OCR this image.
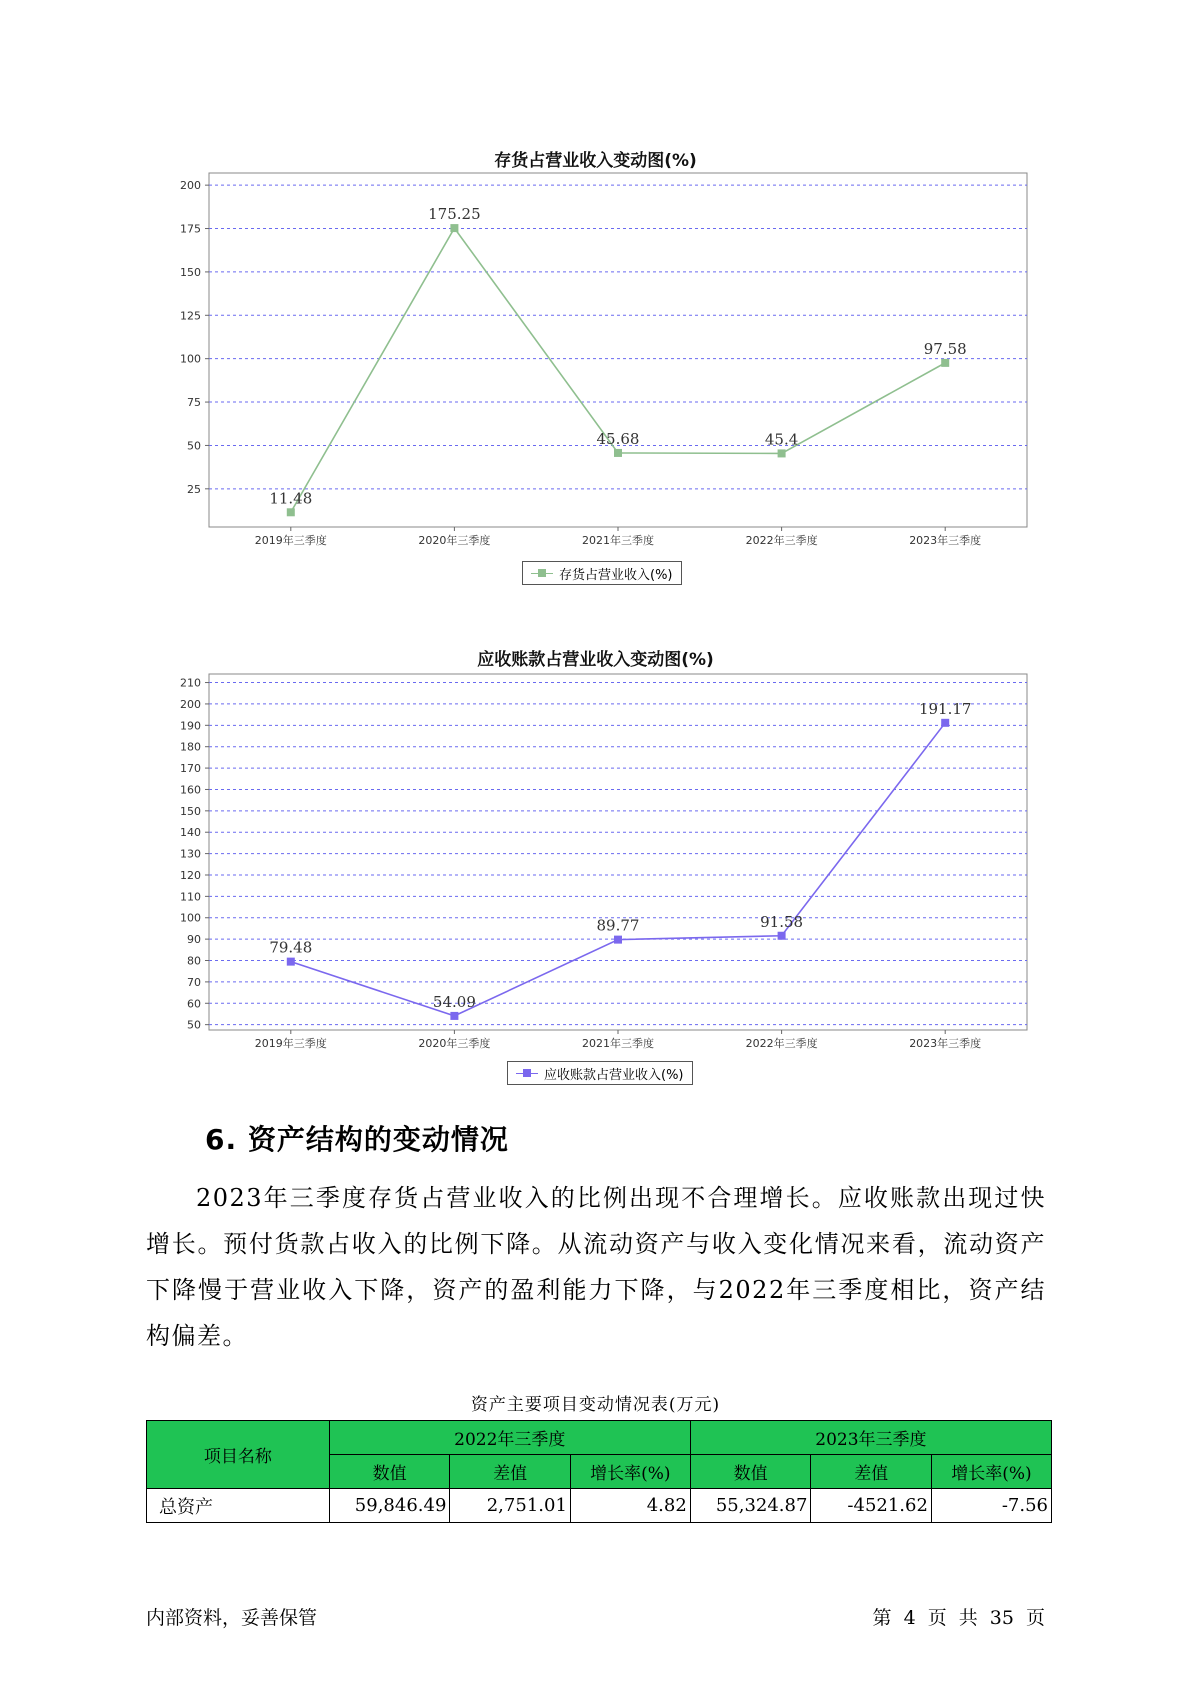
存货占营业收入变动图(%)
25
50
75
100
125
150
175
200
2019年三季度	2020年三季度	2021年三季度	2022年三季度	2023年三季度
11.48
175.25
45.68	45.4
97.58
存货占营业收入(%)
应收账款占营业收入变动图(%)
50
60
70
80
90
100
110
120
130
140
150
160
170
180
190
200
210
2019年三季度	2020年三季度	2021年三季度	2022年三季度	2023年三季度
79.48
54.09
89.77	91.58
191.17
应收账款占营业收入(%)
6. 资产结构的变动情况
2023年三季度存货占营业收入的比例出现不合理增长。应收账款出现过快增长。预付货款占收入的比例下降。从流动资产与收入变化情况来看，流动资产下降慢于营业收入下降，资产的盈利能力下降，与2022年三季度相比，资产结构偏差。
资产主要项目变动情况表(万元)
项目名称	2022年三季度			2023年三季度		
	数值	差值	增长率(%)	数值	差值	增长率(%)
总资产	59,846.49	2,751.01	4.82	55,324.87	-4521.62	-7.56
内部资料，妥善保管	第 4 页 共 35 页
